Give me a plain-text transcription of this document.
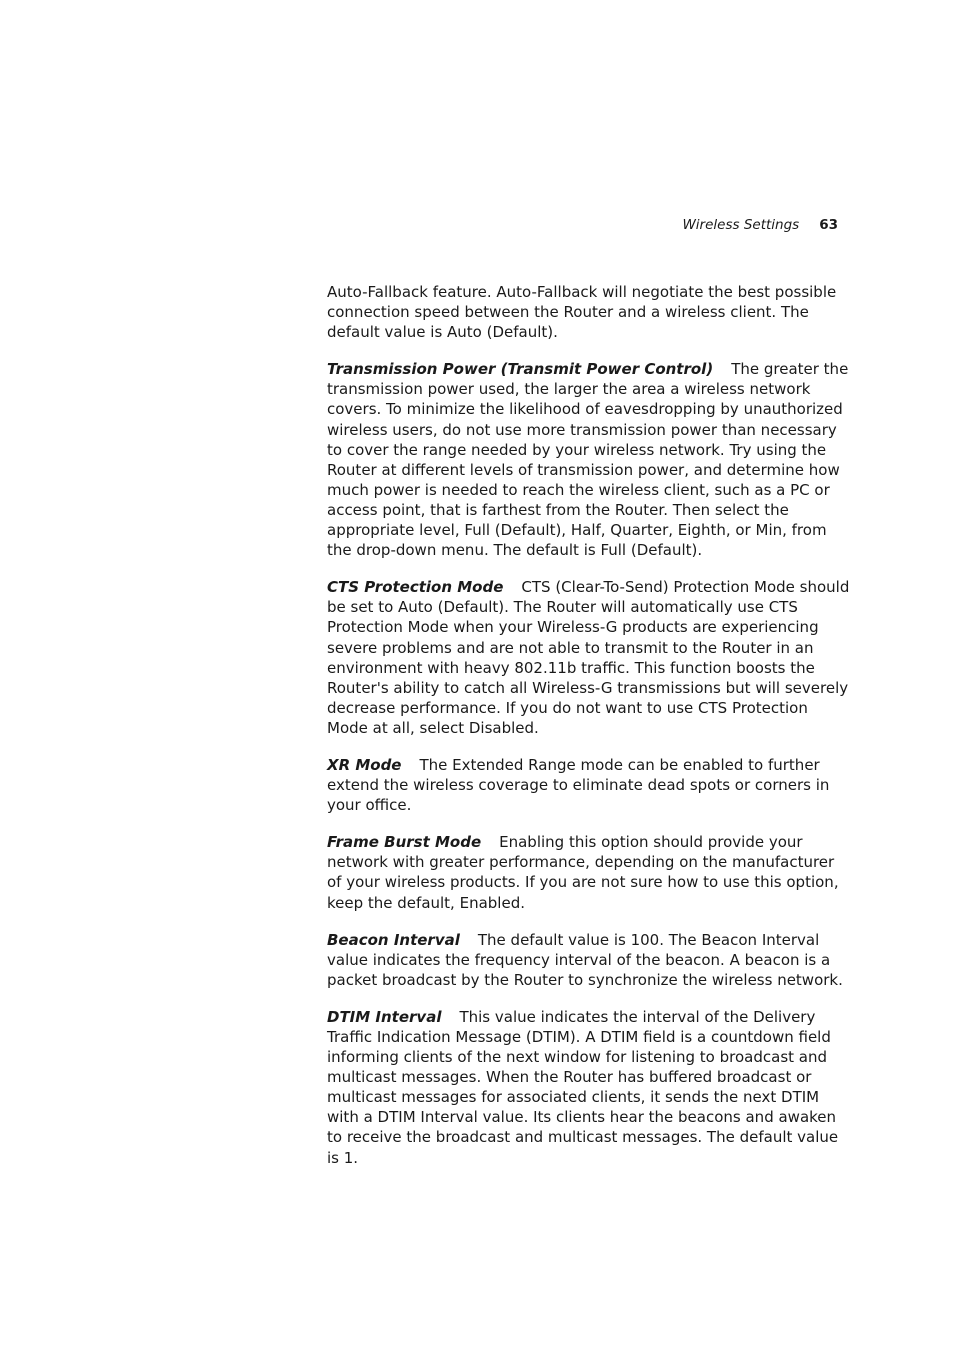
Wireless Settings 63

Auto-Fallback feature. Auto-Fallback will negotiate the best possible connection speed between the Router and a wireless client. The default value is Auto (Default).

Transmission Power (Transmit Power Control) The greater the transmission power used, the larger the area a wireless network covers. To minimize the likelihood of eavesdropping by unauthorized wireless users, do not use more transmission power than necessary to cover the range needed by your wireless network. Try using the Router at different levels of transmission power, and determine how much power is needed to reach the wireless client, such as a PC or access point, that is farthest from the Router. Then select the appropriate level, Full (Default), Half, Quarter, Eighth, or Min, from the drop-down menu. The default is Full (Default).

CTS Protection Mode CTS (Clear-To-Send) Protection Mode should be set to Auto (Default). The Router will automatically use CTS Protection Mode when your Wireless-G products are experiencing severe problems and are not able to transmit to the Router in an environment with heavy 802.11b traffic. This function boosts the Router's ability to catch all Wireless-G transmissions but will severely decrease performance. If you do not want to use CTS Protection Mode at all, select Disabled.

XR Mode The Extended Range mode can be enabled to further extend the wireless coverage to eliminate dead spots or corners in your office.

Frame Burst Mode Enabling this option should provide your network with greater performance, depending on the manufacturer of your wireless products. If you are not sure how to use this option, keep the default, Enabled.

Beacon Interval The default value is 100. The Beacon Interval value indicates the frequency interval of the beacon. A beacon is a packet broadcast by the Router to synchronize the wireless network.

DTIM Interval This value indicates the interval of the Delivery Traffic Indication Message (DTIM). A DTIM field is a countdown field informing clients of the next window for listening to broadcast and multicast messages. When the Router has buffered broadcast or multicast messages for associated clients, it sends the next DTIM with a DTIM Interval value. Its clients hear the beacons and awaken to receive the broadcast and multicast messages. The default value is 1.
